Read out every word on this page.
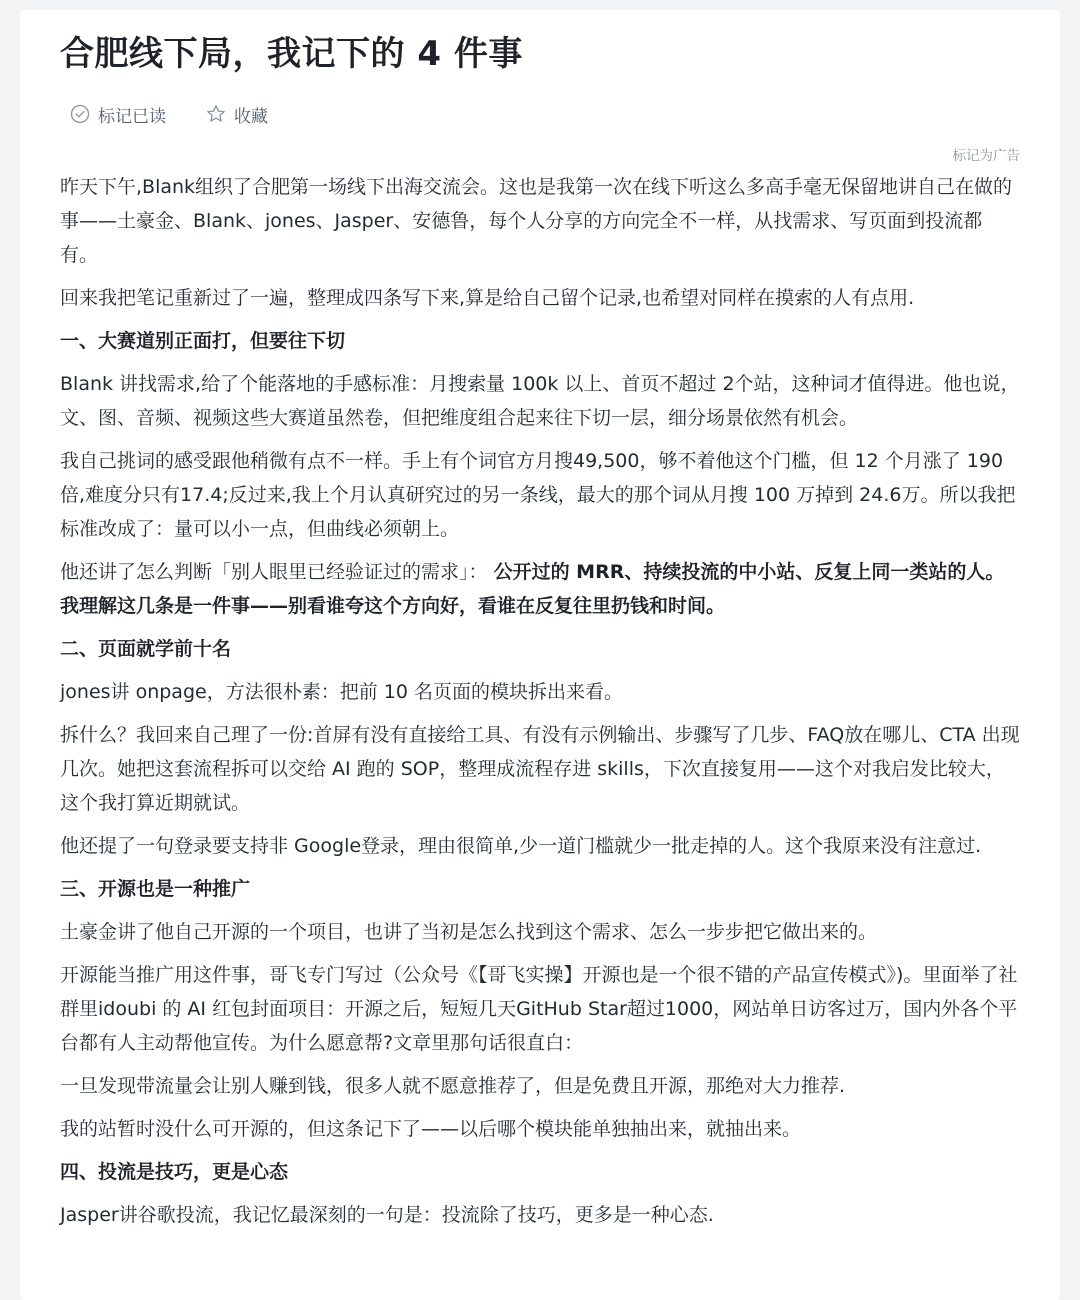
合肥线下局，我记下的 4 件事
标记已读	收藏
标记为广告

昨天下午,Blank组织了合肥第一场线下出海交流会。这也是我第一次在线下听这么多高手毫无保留地讲自己在做的事——土豪金、Blank、jones、Jasper、安德鲁，每个人分享的方向完全不一样，从找需求、写页面到投流都有。

回来我把笔记重新过了一遍，整理成四条写下来,算是给自己留个记录,也希望对同样在摸索的人有点用.

一、大赛道别正面打，但要往下切

Blank 讲找需求,给了个能落地的手感标准：月搜索量 100k 以上、首页不超过 2个站，这种词才值得进。他也说，文、图、音频、视频这些大赛道虽然卷，但把维度组合起来往下切一层，细分场景依然有机会。

我自己挑词的感受跟他稍微有点不一样。手上有个词官方月搜49,500，够不着他这个门槛，但 12 个月涨了 190 倍,难度分只有17.4;反过来,我上个月认真研究过的另一条线，最大的那个词从月搜 100 万掉到 24.6万。所以我把标准改成了：量可以小一点，但曲线必须朝上。

他还讲了怎么判断「别人眼里已经验证过的需求」： 公开过的 MRR、持续投流的中小站、反复上同一类站的人。我理解这几条是一件事——别看谁夸这个方向好，看谁在反复往里扔钱和时间。

二、页面就学前十名

jones讲 onpage，方法很朴素：把前 10 名页面的模块拆出来看。

拆什么？我回来自己理了一份:首屏有没有直接给工具、有没有示例输出、步骤写了几步、FAQ放在哪儿、CTA 出现几次。她把这套流程拆可以交给 AI 跑的 SOP，整理成流程存进 skills，下次直接复用——这个对我启发比较大，这个我打算近期就试。

他还提了一句登录要支持非 Google登录，理由很简单,少一道门槛就少一批走掉的人。这个我原来没有注意过.

三、开源也是一种推广

土豪金讲了他自己开源的一个项目，也讲了当初是怎么找到这个需求、怎么一步步把它做出来的。

开源能当推广用这件事，哥飞专门写过（公众号《【哥飞实操】开源也是一个很不错的产品宣传模式》)。里面举了社群里idoubi 的 AI 红包封面项目：开源之后，短短几天GitHub Star超过1000，网站单日访客过万，国内外各个平台都有人主动帮他宣传。为什么愿意帮?文章里那句话很直白：

一旦发现带流量会让别人赚到钱，很多人就不愿意推荐了，但是免费且开源，那绝对大力推荐.

我的站暂时没什么可开源的，但这条记下了——以后哪个模块能单独抽出来，就抽出来。

四、投流是技巧，更是心态

Jasper讲谷歌投流，我记忆最深刻的一句是：投流除了技巧，更多是一种心态.
